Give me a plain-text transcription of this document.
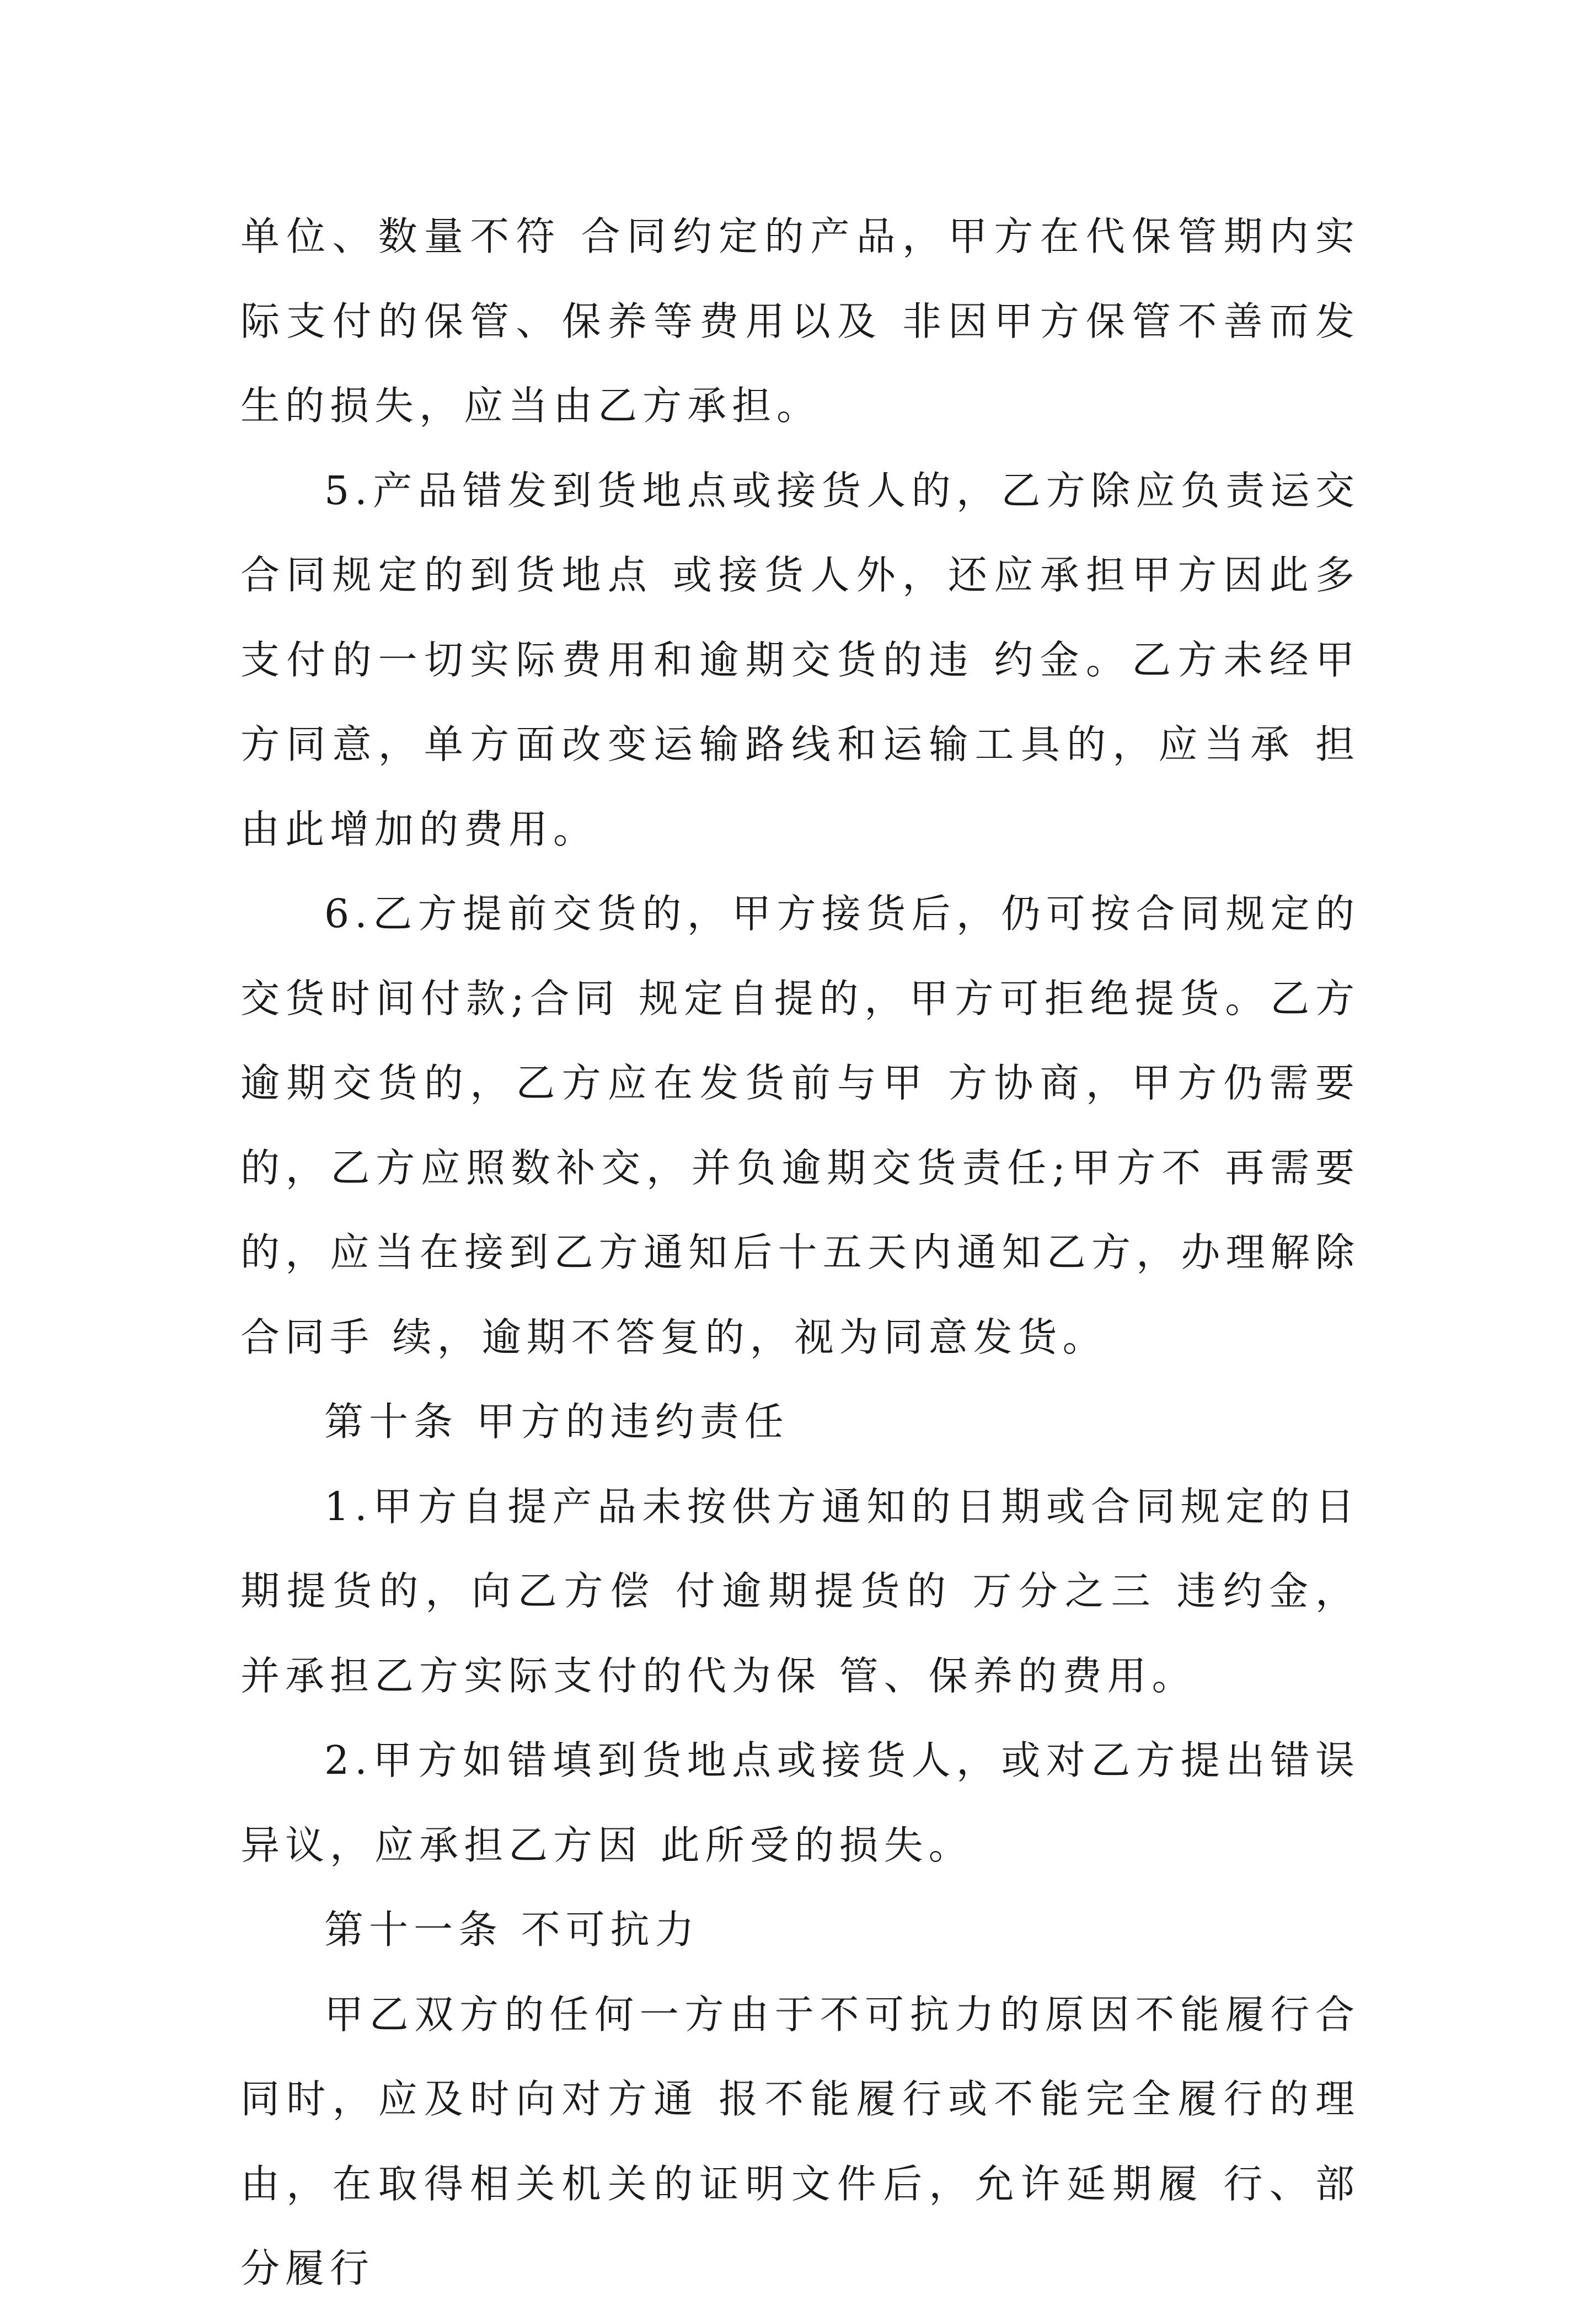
单位、数量不符 合同约定的产品，甲方在代保管期内实际支付的保管、保养等费用以及 非因甲方保管不善而发生的损失，应当由乙方承担。

5.产品错发到货地点或接货人的，乙方除应负责运交合同规定的到货地点 或接货人外，还应承担甲方因此多支付的一切实际费用和逾期交货的违 约金。乙方未经甲方同意，单方面改变运输路线和运输工具的，应当承 担由此增加的费用。

6.乙方提前交货的，甲方接货后，仍可按合同规定的交货时间付款;合同 规定自提的，甲方可拒绝提货。乙方逾期交货的，乙方应在发货前与甲 方协商，甲方仍需要的，乙方应照数补交，并负逾期交货责任;甲方不 再需要的，应当在接到乙方通知后十五天内通知乙方，办理解除合同手 续，逾期不答复的，视为同意发货。

第十条 甲方的违约责任

1.甲方自提产品未按供方通知的日期或合同规定的日期提货的，向乙方偿 付逾期提货的 万分之三 违约金，并承担乙方实际支付的代为保 管、保养的费用。

2.甲方如错填到货地点或接货人，或对乙方提出错误异议，应承担乙方因 此所受的损失。

第十一条 不可抗力

甲乙双方的任何一方由于不可抗力的原因不能履行合同时，应及时向对方通 报不能履行或不能完全履行的理由，在取得相关机关的证明文件后，允许延期履 行、部分履行
